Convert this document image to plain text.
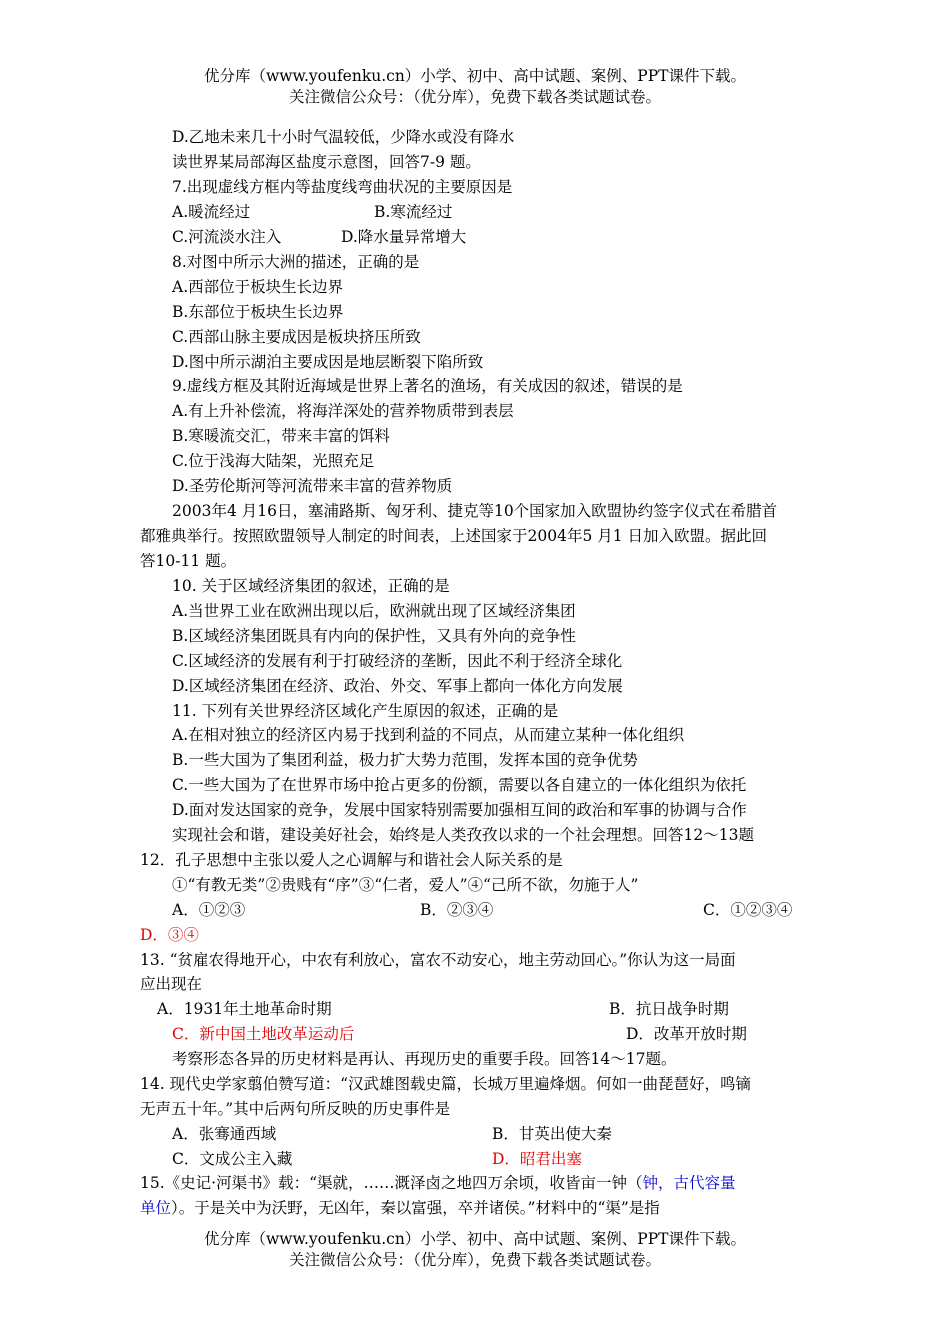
优分库（www.youfenku.cn）小学、初中、高中试题、案例、PPT课件下载。
关注微信公众号：（优分库），免费下载各类试题试卷。
D.乙地未来几十小时气温较低，少降水或没有降水
读世界某局部海区盐度示意图，回答7-9 题。
7.出现虚线方框内等盐度线弯曲状况的主要原因是
A.暖流经过	B.寒流经过
C.河流淡水注入	D.降水量异常增大
8.对图中所示大洲的描述，正确的是
A.西部位于板块生长边界
B.东部位于板块生长边界
C.西部山脉主要成因是板块挤压所致
D.图中所示湖泊主要成因是地层断裂下陷所致
9.虚线方框及其附近海域是世界上著名的渔场，有关成因的叙述，错误的是
A.有上升补偿流，将海洋深处的营养物质带到表层
B.寒暖流交汇，带来丰富的饵料
C.位于浅海大陆架，光照充足
D.圣劳伦斯河等河流带来丰富的营养物质
2003年4 月16日，塞浦路斯、匈牙利、捷克等10个国家加入欧盟协约签字仪式在希腊首
都雅典举行。按照欧盟领导人制定的时间表，上述国家于2004年5 月1 日加入欧盟。据此回
答10-11 题。
10. 关于区域经济集团的叙述，正确的是
A.当世界工业在欧洲出现以后，欧洲就出现了区域经济集团
B.区域经济集团既具有内向的保护性，又具有外向的竞争性
C.区域经济的发展有利于打破经济的垄断，因此不利于经济全球化
D.区域经济集团在经济、政治、外交、军事上都向一体化方向发展
11. 下列有关世界经济区域化产生原因的叙述，正确的是
A.在相对独立的经济区内易于找到利益的不同点，从而建立某种一体化组织
B.一些大国为了集团利益，极力扩大势力范围，发挥本国的竞争优势
C.一些大国为了在世界市场中抢占更多的份额，需要以各自建立的一体化组织为依托
D.面对发达国家的竞争，发展中国家特别需要加强相互间的政治和军事的协调与合作
实现社会和谐，建设美好社会，始终是人类孜孜以求的一个社会理想。回答12～13题
12．孔子思想中主张以爱人之心调解与和谐社会人际关系的是
①“有教无类”②贵贱有“序”③“仁者，爱人”④“己所不欲，勿施于人”
A．①②③	B．②③④	C．①②③④
D．③④
13. “贫雇农得地开心，中农有利放心，富农不动安心，地主劳动回心。”你认为这一局面
应出现在
A．1931年土地革命时期	B．抗日战争时期
C．新中国土地改革运动后	D．改革开放时期
考察形态各异的历史材料是再认、再现历史的重要手段。回答14～17题。
14. 现代史学家翦伯赞写道：“汉武雄图载史篇，长城万里遍烽烟。何如一曲琵琶好，鸣镝
无声五十年。”其中后两句所反映的历史事件是
A．张骞通西域	B．甘英出使大秦
C．文成公主入藏	D．昭君出塞
15.《史记·河渠书》载：“渠就，……溉泽卤之地四万余顷，收皆亩一钟（钟，古代容量
单位）。于是关中为沃野，无凶年，秦以富强，卒并诸侯。”材料中的“渠”是指
优分库（www.youfenku.cn）小学、初中、高中试题、案例、PPT课件下载。
关注微信公众号：（优分库），免费下载各类试题试卷。
